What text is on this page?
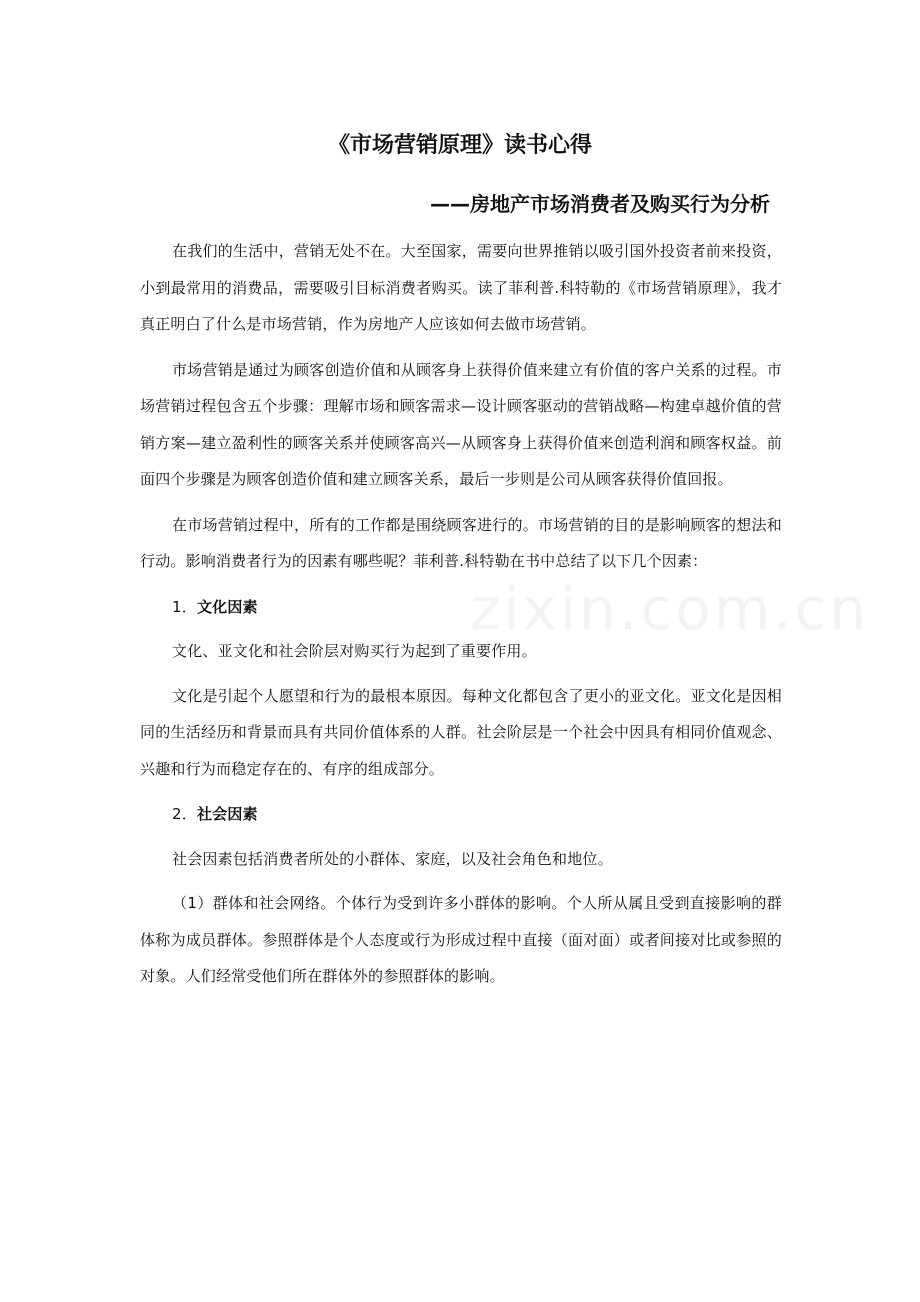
zixin.com.cn
《市场营销原理》读书心得
——房地产市场消费者及购买行为分析

在我们的生活中，营销无处不在。大至国家，需要向世界推销以吸引国外投资者前来投资，小到最常用的消费品，需要吸引目标消费者购买。读了菲利普.科特勒的《市场营销原理》，我才真正明白了什么是市场营销，作为房地产人应该如何去做市场营销。

市场营销是通过为顾客创造价值和从顾客身上获得价值来建立有价值的客户关系的过程。市场营销过程包含五个步骤：理解市场和顾客需求—设计顾客驱动的营销战略—构建卓越价值的营销方案—建立盈利性的顾客关系并使顾客高兴—从顾客身上获得价值来创造利润和顾客权益。前面四个步骤是为顾客创造价值和建立顾客关系，最后一步则是公司从顾客获得价值回报。

在市场营销过程中，所有的工作都是围绕顾客进行的。市场营销的目的是影响顾客的想法和行动。影响消费者行为的因素有哪些呢？菲利普.科特勒在书中总结了以下几个因素：

1．文化因素

文化、亚文化和社会阶层对购买行为起到了重要作用。

文化是引起个人愿望和行为的最根本原因。每种文化都包含了更小的亚文化。亚文化是因相同的生活经历和背景而具有共同价值体系的人群。社会阶层是一个社会中因具有相同价值观念、兴趣和行为而稳定存在的、有序的组成部分。

2．社会因素

社会因素包括消费者所处的小群体、家庭，以及社会角色和地位。

（1）群体和社会网络。个体行为受到许多小群体的影响。个人所从属且受到直接影响的群体称为成员群体。参照群体是个人态度或行为形成过程中直接（面对面）或者间接对比或参照的对象。人们经常受他们所在群体外的参照群体的影响。
